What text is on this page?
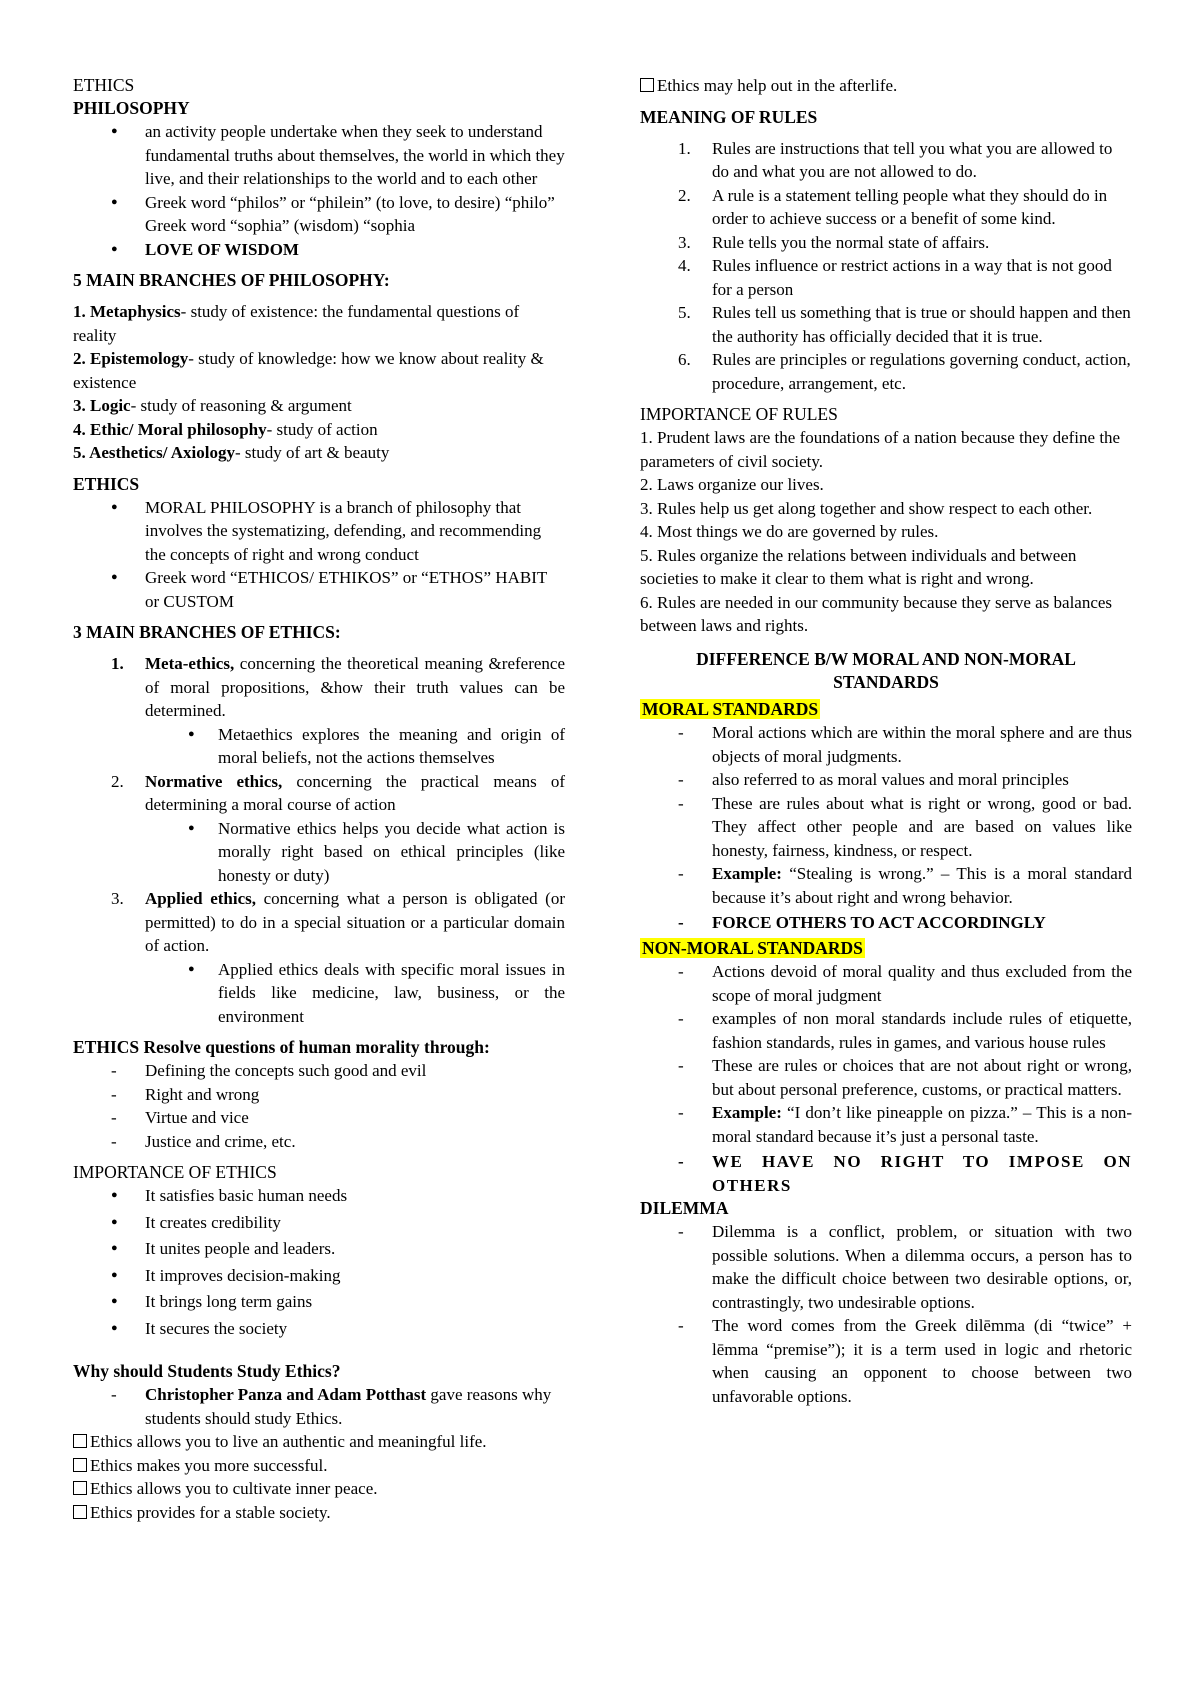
ETHICS

PHILOSOPHY
● an activity people undertake when they seek to understand fundamental truths about themselves, the world in which they live, and their relationships to the world and to each other
● Greek word “philos” or “philein” (to love, to desire) “philo” Greek word “sophia” (wisdom) “sophia
● LOVE OF WISDOM
5 MAIN BRANCHES OF PHILOSOPHY:

1. Metaphysics- study of existence: the fundamental questions of reality

2. Epistemology- study of knowledge: how we know about reality & existence

3. Logic- study of reasoning & argument

4. Ethic/ Moral philosophy- study of action

5. Aesthetics/ Axiology- study of art & beauty

ETHICS
● MORAL PHILOSOPHY is a branch of philosophy that involves the systematizing, defending, and recommending the concepts of right and wrong conduct
● Greek word “ETHICOS/ ETHIKOS” or “ETHOS” HABIT or CUSTOM
3 MAIN BRANCHES OF ETHICS:
1. Meta-ethics, concerning the theoretical meaning &reference of moral propositions, &how their truth values can be determined.
● Metaethics explores the meaning and origin of moral beliefs, not the actions themselves
2. Normative ethics, concerning the practical means of determining a moral course of action
● Normative ethics helps you decide what action is morally right based on ethical principles (like honesty or duty)
3. Applied ethics, concerning what a person is obligated (or permitted) to do in a special situation or a particular domain of action.
● Applied ethics deals with specific moral issues in fields like medicine, law, business, or the environment
ETHICS Resolve questions of human morality through:
- Defining the concepts such good and evil
- Right and wrong
- Virtue and vice
- Justice and crime, etc.

IMPORTANCE OF ETHICS

● It satisfies basic human needs
● It creates credibility
● It unites people and leaders.
● It improves decision-making
● It brings long term gains
● It secures the society
Why should Students Study Ethics?
- Christopher Panza and Adam Potthast gave reasons why students should study Ethics.

Ethics allows you to live an authentic and meaningful life.

Ethics makes you more successful.

Ethics allows you to cultivate inner peace.

Ethics provides for a stable society.

Ethics may help out in the afterlife.

MEANING OF RULES
1. Rules are instructions that tell you what you are allowed to do and what you are not allowed to do.
2. A rule is a statement telling people what they should do in order to achieve success or a benefit of some kind.
3. Rule tells you the normal state of affairs.
4. Rules influence or restrict actions in a way that is not good for a person
5. Rules tell us something that is true or should happen and then the authority has officially decided that it is true.
6. Rules are principles or regulations governing conduct, action, procedure, arrangement, etc.

IMPORTANCE OF RULES

1. Prudent laws are the foundations of a nation because they define the parameters of civil society.

2. Laws organize our lives.

3. Rules help us get along together and show respect to each other.

4. Most things we do are governed by rules.

5. Rules organize the relations between individuals and between societies to make it clear to them what is right and wrong.

6. Rules are needed in our community because they serve as balances between laws and rights.

DIFFERENCE B/W MORAL AND NON-MORAL STANDARDS

MORAL STANDARDS
- Moral actions which are within the moral sphere and are thus objects of moral judgments.
- also referred to as moral values and moral principles
- These are rules about what is right or wrong, good or bad. They affect other people and are based on values like honesty, fairness, kindness, or respect.
- Example: “Stealing is wrong.” – This is a moral standard because it’s about right and wrong behavior.
- FORCE OTHERS TO ACT ACCORDINGLY
NON-MORAL STANDARDS
- Actions devoid of moral quality and thus excluded from the scope of moral judgment
- examples of non moral standards include rules of etiquette, fashion standards, rules in games, and various house rules
- These are rules or choices that are not about right or wrong, but about personal preference, customs, or practical matters.
- Example: “I don’t like pineapple on pizza.” – This is a non-moral standard because it’s just a personal taste.
- WE HAVE NO RIGHT TO IMPOSE ON OTHERS
DILEMMA
- Dilemma is a conflict, problem, or situation with two possible solutions. When a dilemma occurs, a person has to make the difficult choice between two desirable options, or, contrastingly, two undesirable options.
- The word comes from the Greek dilēmma (di “twice” + lēmma “premise”); it is a term used in logic and rhetoric when causing an opponent to choose between two unfavorable options.
